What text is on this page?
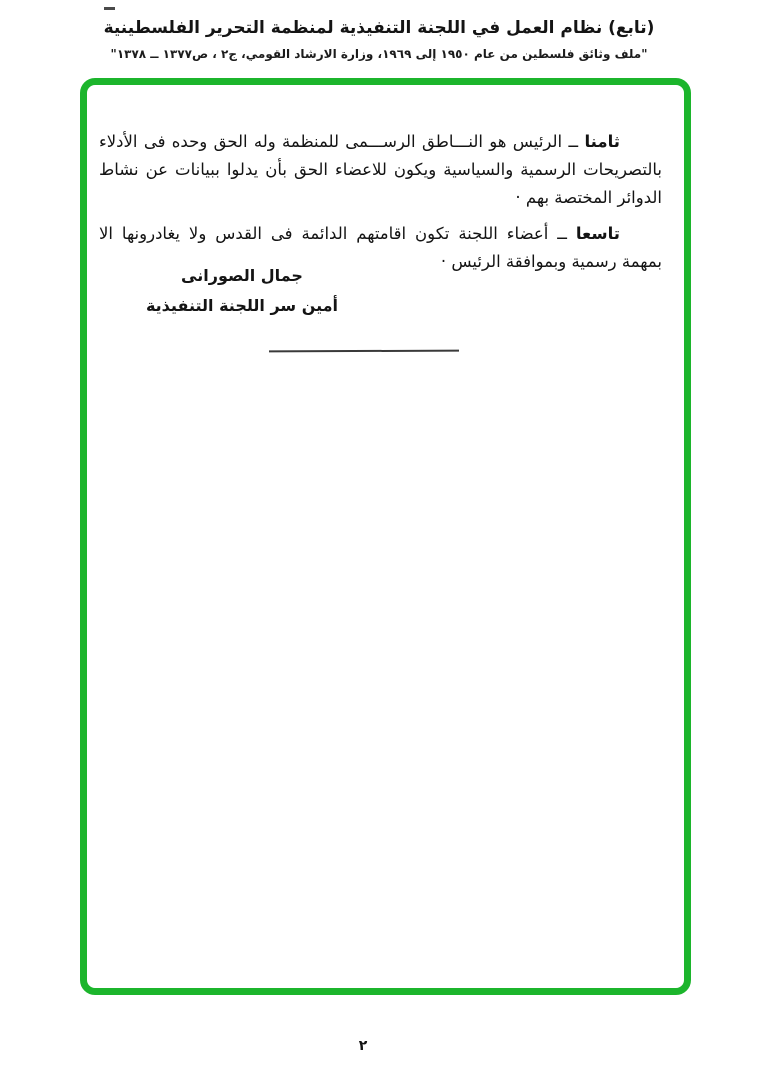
(تابع) نظام العمل في اللجنة التنفيذية لمنظمة التحرير الفلسطينية
"ملف وثائق فلسطين من عام ١٩٥٠ إلى ١٩٦٩، وزارة الارشاد القومي، ج٢ ، ص١٣٧٧ ــ ١٣٧٨"

ثامنا ــ الرئيس هو النـــاطق الرســـمى للمنظمة وله الحق وحده فى الأدلاء بالتصريحات الرسمية والسياسية ويكون للاعضاء الحق بأن يدلوا ببيانات عن نشاط الدوائر المختصة بهم ·

تاسعا ــ أعضاء اللجنة تكون اقامتهم الدائمة فى القدس ولا يغادرونها الا بمهمة رسمية وبموافقة الرئيس ·

جمال الصورانى
أمين سر اللجنة التنفيذية
٢
